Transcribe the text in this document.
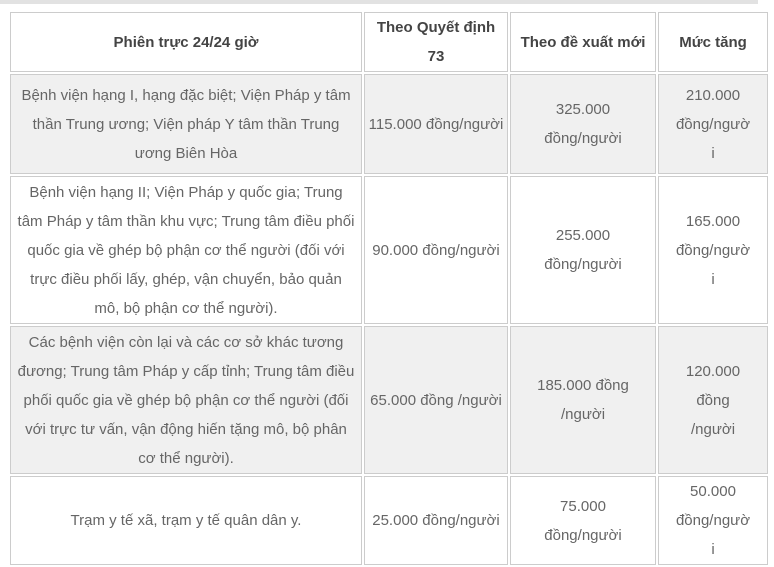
Phiên trực 24/24 giờ	Theo Quyết định 73	Theo đề xuất mới	Mức tăng
Bệnh viện hạng I, hạng đặc biệt; Viện Pháp y tâm thần Trung ương; Viện pháp Y tâm thần Trung ương Biên Hòa	115.000 đồng/người	325.000 đồng/người	210.000 đồng/người
Bệnh viện hạng II; Viện Pháp y quốc gia; Trung tâm Pháp y tâm thần khu vực; Trung tâm điều phối quốc gia về ghép bộ phận cơ thể người (đối với trực điều phối lấy, ghép, vận chuyển, bảo quản mô, bộ phận cơ thể người).	90.000 đồng/người	255.000 đồng/người	165.000 đồng/người
Các bệnh viện còn lại và các cơ sở khác tương đương; Trung tâm Pháp y cấp tỉnh; Trung tâm điều phối quốc gia về ghép bộ phận cơ thể người (đối với trực tư vấn, vận động hiến tặng mô, bộ phân cơ thể người).	65.000 đồng /người	185.000 đồng /người	120.000 đồng /người
Trạm y tế xã, trạm y tế quân dân y.	25.000 đồng/người	75.000 đồng/người	50.000 đồng/người
